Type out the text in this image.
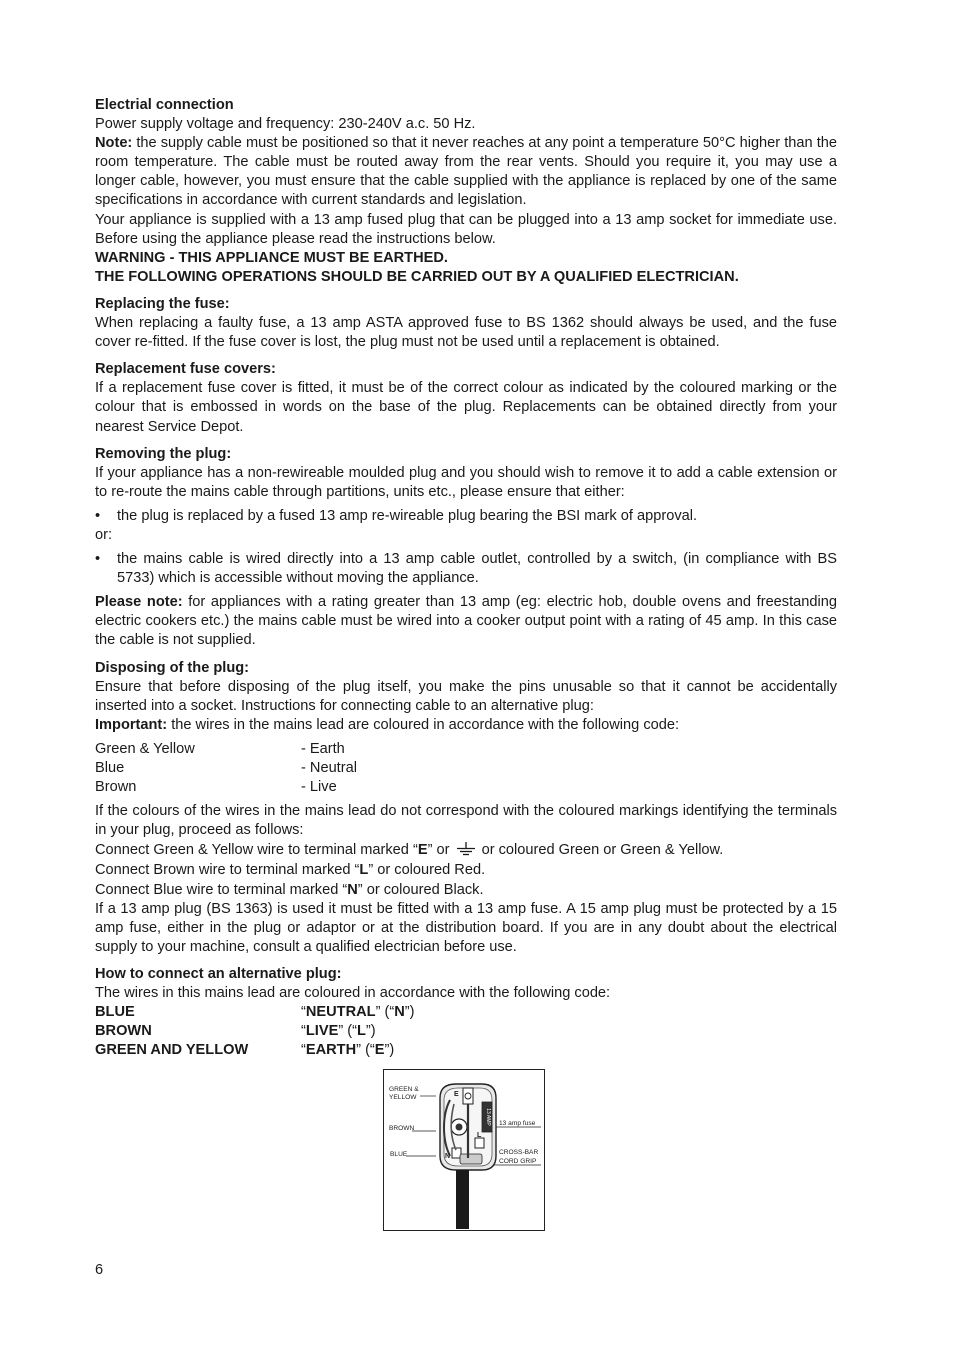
Electrial connection

Power supply voltage and frequency: 230-240V a.c. 50 Hz.

Note: the supply cable must be positioned so that it never reaches at any point a temperature 50°C higher than the room temperature. The cable must be routed away from the rear vents. Should you require it, you may use a longer cable, however, you must ensure that the cable supplied with the appliance is replaced by one of the same specifications in accordance with current standards and legislation.

Your appliance is supplied with a 13 amp fused plug that can be plugged into a 13 amp socket for immediate use. Before using the appliance please read the instructions below.

WARNING - THIS APPLIANCE MUST BE EARTHED.

THE FOLLOWING OPERATIONS SHOULD BE CARRIED OUT BY A QUALIFIED ELECTRICIAN.

Replacing the fuse:

When replacing a faulty fuse, a 13 amp ASTA approved fuse to BS 1362 should always be used, and the fuse cover re-fitted. If the fuse cover is lost, the plug must not be used until a replacement is obtained.

Replacement fuse covers:

If a replacement fuse cover is fitted, it must be of the correct colour as indicated by the coloured marking or the colour that is embossed in words on the base of the plug. Replacements can be obtained directly from your nearest Service Depot.

Removing the plug:

If your appliance has a non-rewireable moulded plug and you should wish to remove it to add a cable extension or to re-route the mains cable through partitions, units etc., please ensure that either:

• the plug is replaced by a fused 13 amp re-wireable plug bearing the BSI mark of approval.

or:

• the mains cable is wired directly into a 13 amp cable outlet, controlled by a switch, (in compliance with BS 5733) which is accessible without moving the appliance.

Please note: for appliances with a rating greater than 13 amp (eg: electric hob, double ovens and freestanding electric cookers etc.) the mains cable must be wired into a cooker output point with a rating of 45 amp. In this case the cable is not supplied.

Disposing of the plug:

Ensure that before disposing of the plug itself, you make the pins unusable so that it cannot be accidentally inserted into a socket. Instructions for connecting cable to an alternative plug:

Important: the wires in the mains lead are coloured in accordance with the following code:

Green & Yellow	- Earth
Blue	- Neutral
Brown	- Live

If the colours of the wires in the mains lead do not correspond with the coloured markings identifying the terminals in your plug, proceed as follows:

Connect Green & Yellow wire to terminal marked “E” or  or coloured Green or Green & Yellow.

Connect Brown wire to terminal marked “L” or coloured Red.

Connect Blue wire to terminal marked “N” or coloured Black.

If a 13 amp plug (BS 1363) is used it must be fitted with a 13 amp fuse. A 15 amp plug must be protected by a 15 amp fuse, either in the plug or adaptor or at the distribution board. If you are in any doubt about the electrical supply to your machine, consult a qualified electrician before use.

How to connect an alternative plug:

The wires in this mains lead are coloured in accordance with the following code:

BLUE	“NEUTRAL” (“N”)
BROWN	“LIVE” (“L”)
GREEN AND YELLOW	“EARTH” (“E”)
GREEN &
YELLOW
BROWN
BLUE
13 amp fuse
CROSS-BAR
CORD GRIP
13 AMP
E
L
N
6
